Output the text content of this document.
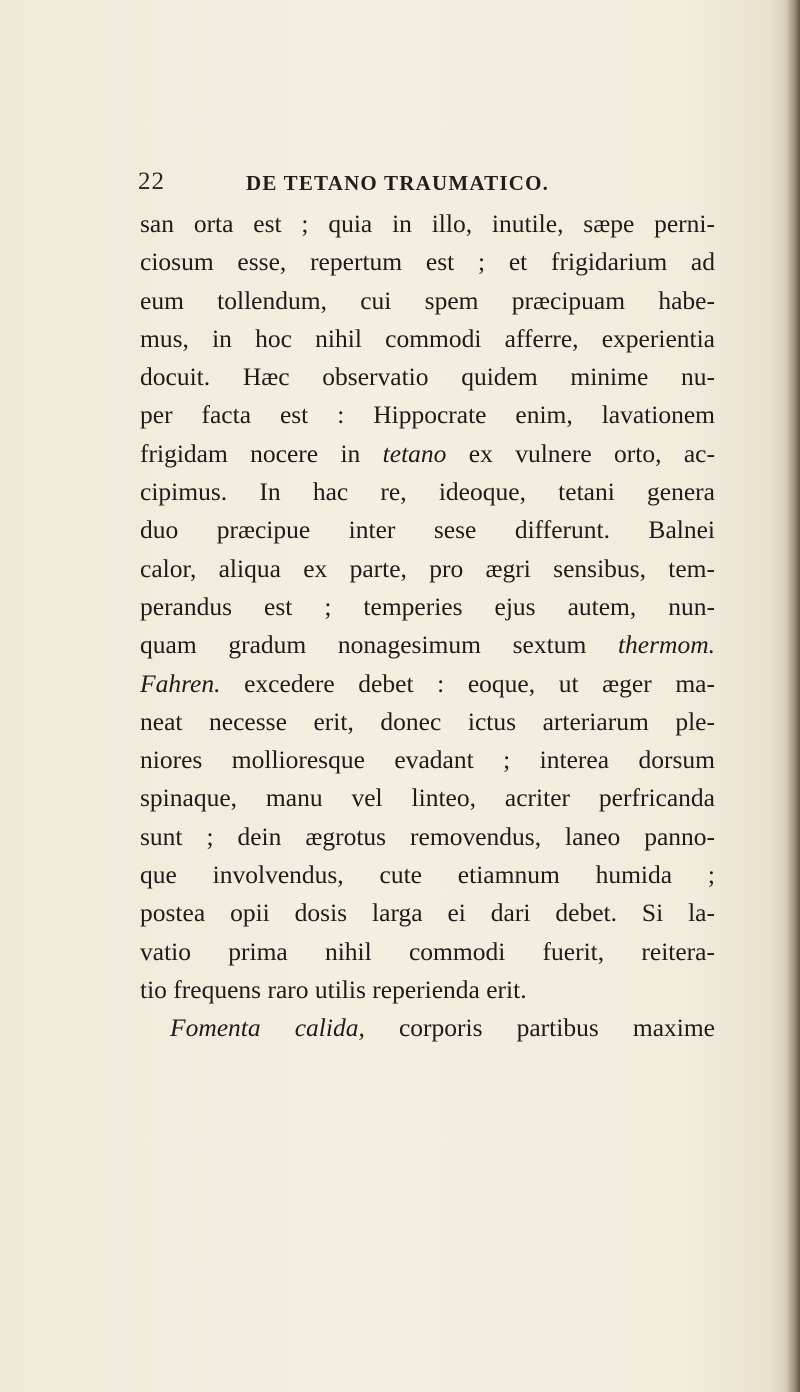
22	DE TETANO TRAUMATICO.
san orta est ; quia in illo, inutile, sæpe perni-
ciosum esse, repertum est ; et frigidarium ad
eum tollendum, cui spem præcipuam habe-
mus, in hoc nihil commodi afferre, experientia
docuit. Hæc observatio quidem minime nu-
per facta est : Hippocrate enim, lavationem
frigidam nocere in tetano ex vulnere orto, ac-
cipimus. In hac re, ideoque, tetani genera
duo præcipue inter sese differunt. Balnei
calor, aliqua ex parte, pro ægri sensibus, tem-
perandus est ; temperies ejus autem, nun-
quam gradum nonagesimum sextum thermom.
Fahren. excedere debet : eoque, ut æger ma-
neat necesse erit, donec ictus arteriarum ple-
niores mollioresque evadant ; interea dorsum
spinaque, manu vel linteo, acriter perfricanda
sunt ; dein ægrotus removendus, laneo panno-
que involvendus, cute etiamnum humida ;
postea opii dosis larga ei dari debet. Si la-
vatio prima nihil commodi fuerit, reitera-
tio frequens raro utilis reperienda erit.
Fomenta calida, corporis partibus maxime
